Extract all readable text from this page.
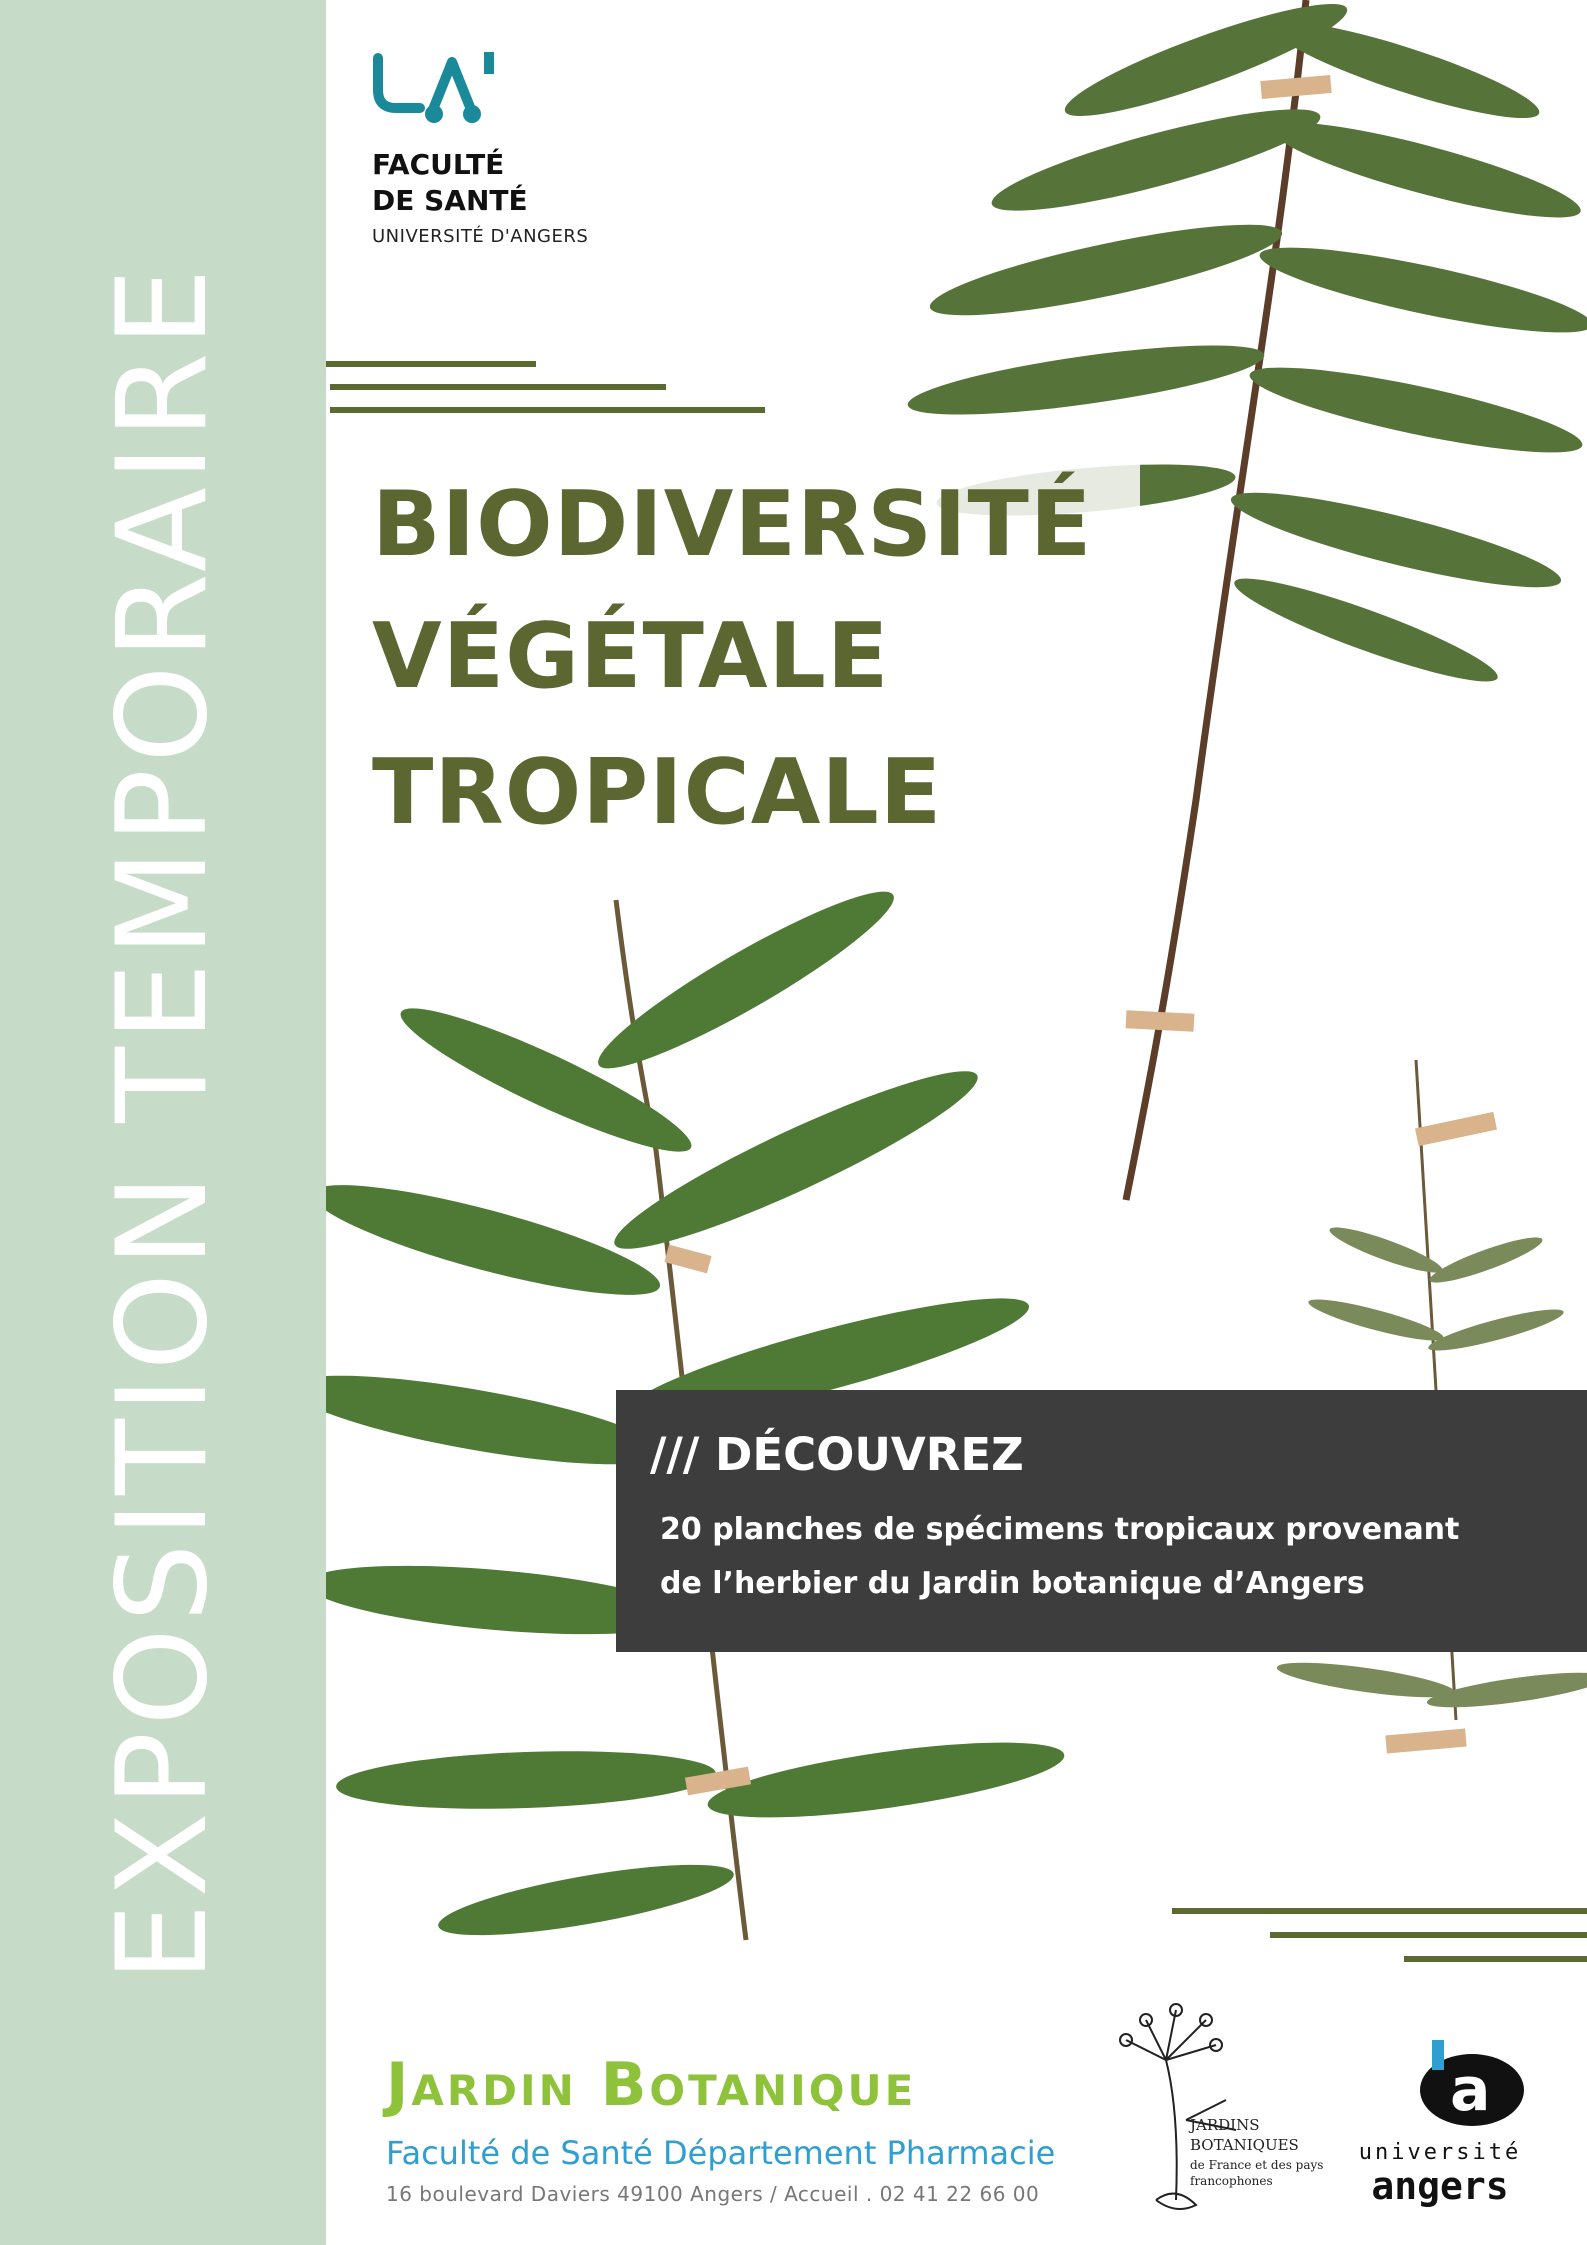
EXPOSITION TEMPORAIRE
FACULTÉ
DE SANTÉ
UNIVERSITÉ D'ANGERS
BIODIVERSITÉ
VÉGÉTALE
TROPICALE
/// DÉCOUVREZ
20 planches de spécimens tropicaux provenant
de l’herbier du Jardin botanique d’Angers
Jardin Botanique
Faculté de Santé Département Pharmacie
16 boulevard Daviers 49100 Angers / Accueil . 02 41 22 66 00
JARDINS
BOTANIQUES
de France et des pays
francophones
a
université
angers
